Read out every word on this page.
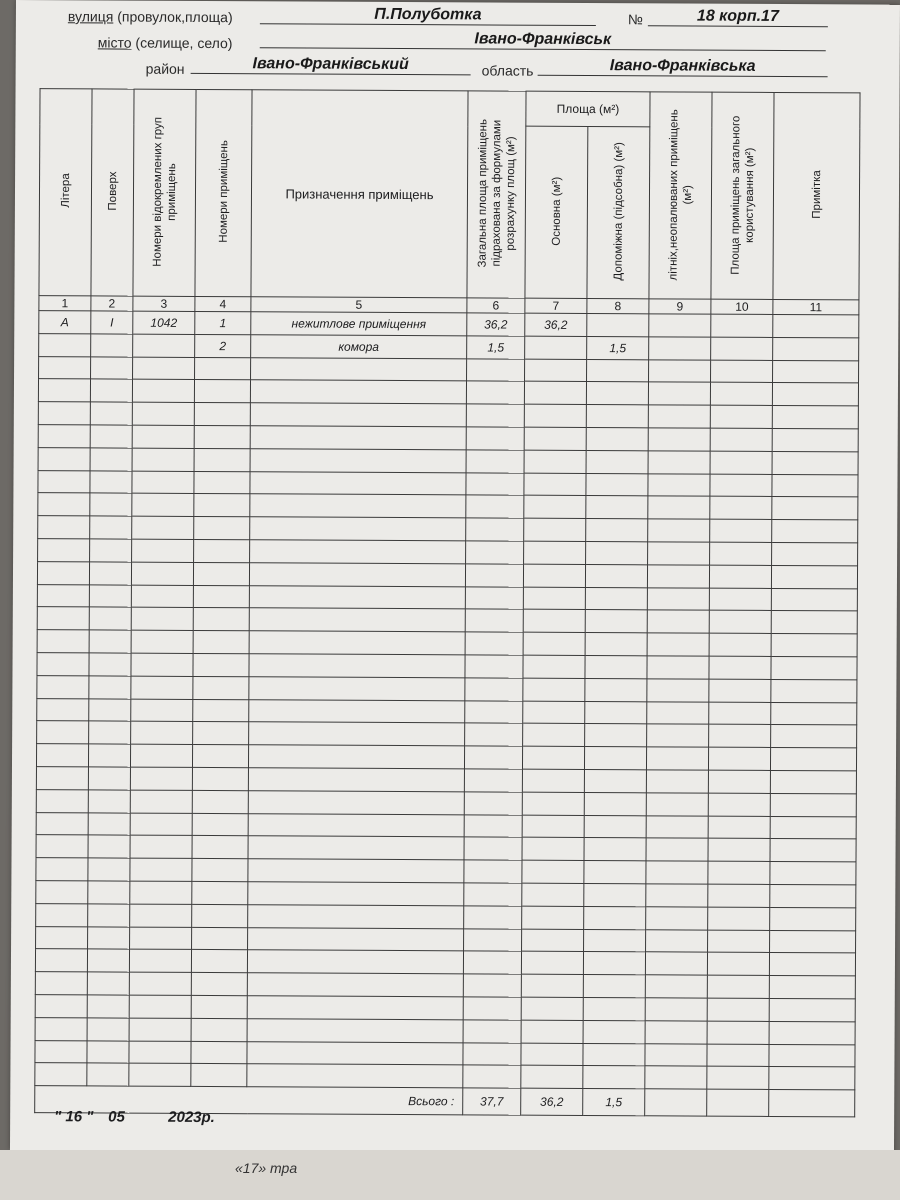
вулиця (провулок,площа)	П.Полуботка	№	18 корп.17
місто (селище, село)	Івано-Франківськ
район	Івано-Франківський	область	Івано-Франківська
Літера	Поверх	Номери відокремлених груп приміщень	Номери приміщень	Призначення приміщень	Загальна площа приміщень підрахована за формулами розрахунку площ (м²)	Площа (м²)		літніх,неопалюваних приміщень (м²)	Площа приміщень загального користування (м²)	Примітка
						Основна (м²)	Допоміжна (підсобна) (м²)			
1	2	3	4	5	6	7	8	9	10	11
А	I	1042	1	нежитлове приміщення	36,2	36,2				
			2	комора	1,5		1,5			

				Всього :	37,7	36,2	1,5			
" 16 " 05	2023р.
«17» тра
